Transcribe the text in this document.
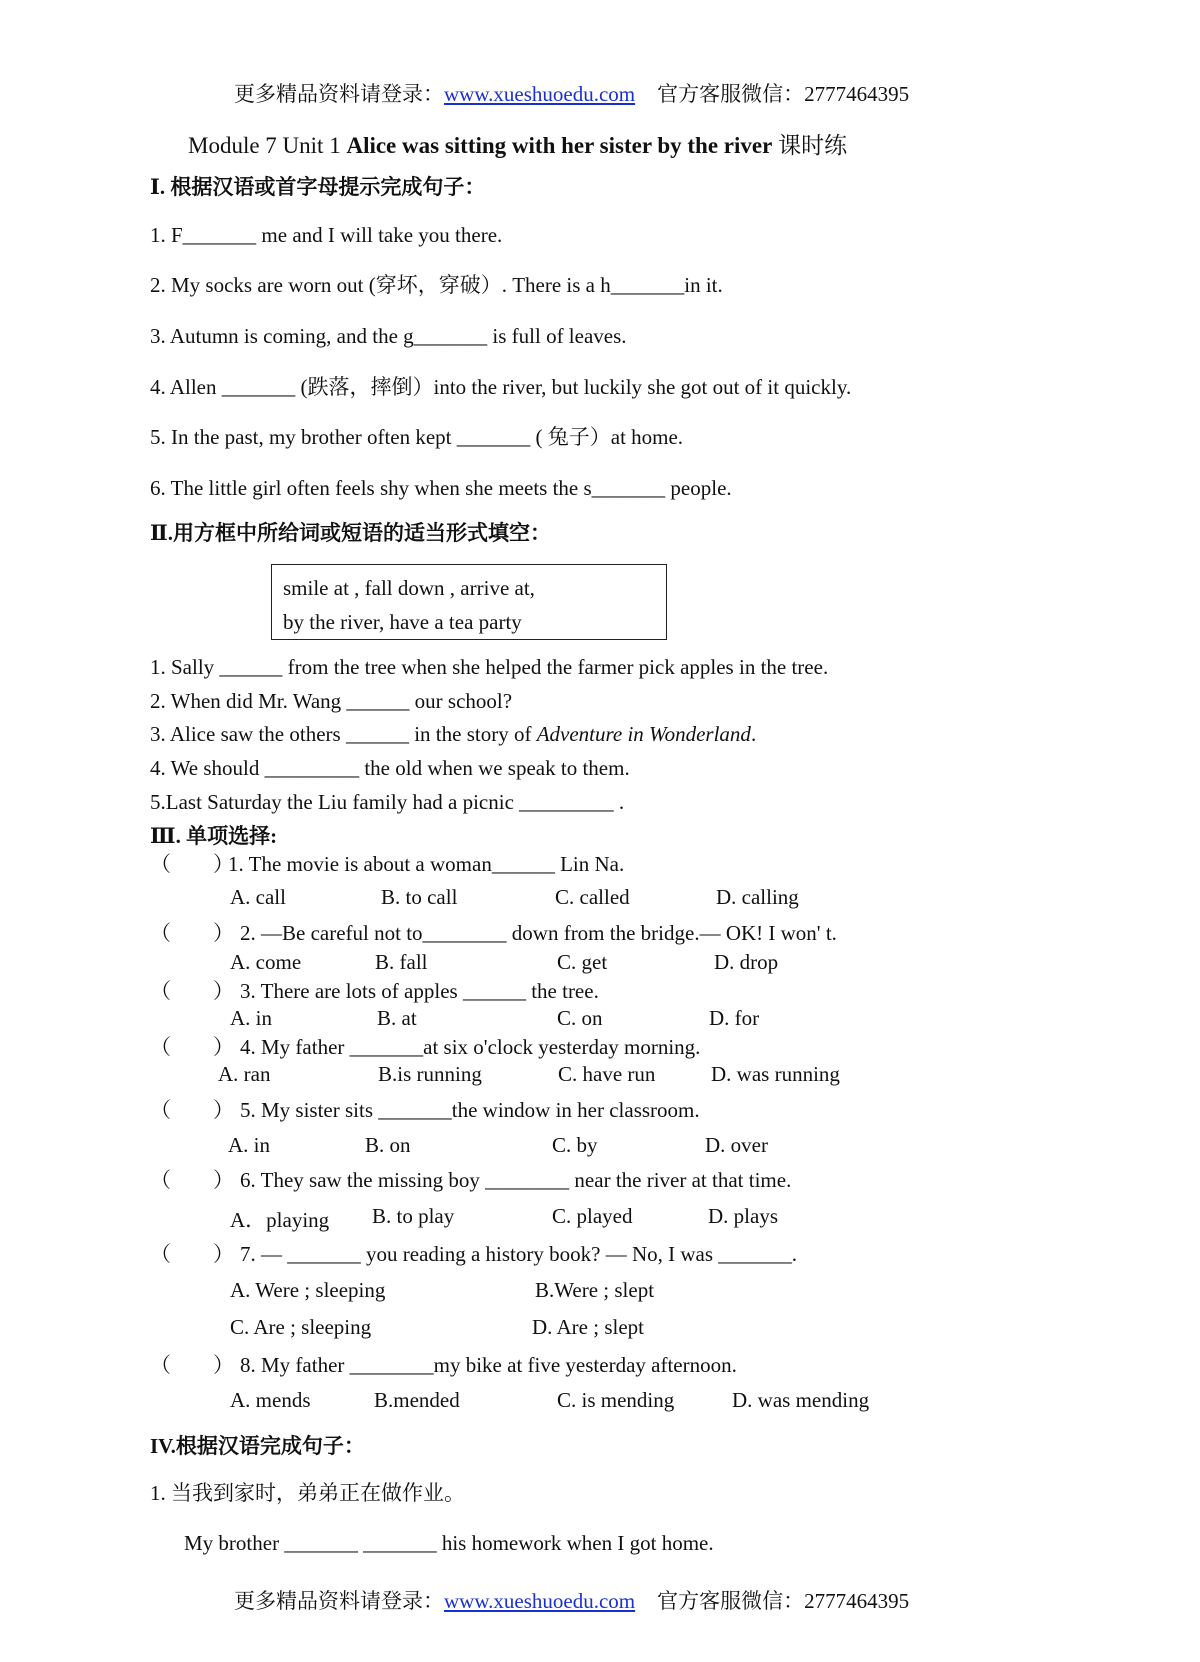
更多精品资料请登录：www.xueshuoedu.com 官方客服微信：2777464395
Module 7 Unit 1 Alice was sitting with her sister by the river 课时练
Ⅰ. 根据汉语或首字母提示完成句子：
1. F_______ me and I will take you there.
2. My socks are worn out (穿坏，穿破）. There is a h_______in it.
3. Autumn is coming, and the g_______ is full of leaves.
4. Allen _______ (跌落，摔倒）into the river, but luckily she got out of it quickly.
5. In the past, my brother often kept _______ ( 兔子）at home.
6. The little girl often feels shy when she meets the s_______ people.
Ⅱ.用方框中所给词或短语的适当形式填空：
smile at , fall down , arrive at,
by the river, have a tea party
1. Sally ______ from the tree when she helped the farmer pick apples in the tree.
2. When did Mr. Wang ______ our school?
3. Alice saw the others ______ in the story of Adventure in Wonderland.
4. We should _________ the old when we speak to them.
5.Last Saturday the Liu family had a picnic _________ .
Ⅲ. 单项选择:
（　　）1. The movie is about a woman______ Lin Na.
A. call	B. to call	C. called	D. calling
（　　） 2. —Be careful not to________ down from the bridge.— OK! I won' t.
A. come	B. fall	C. get	D. drop
（　　） 3. There are lots of apples ______ the tree.
A. in	B. at	C. on	D. for
（　　） 4. My father _______at six o'clock yesterday morning.
A. ran	B.is running	C. have run	D. was running
（　　） 5. My sister sits _______the window in her classroom.
A. in	B. on	C. by	D. over
（　　） 6. They saw the missing boy ________ near the river at that time.
A．playing B. to play	C. played	D. plays
（　　） 7. — _______ you reading a history book? — No, I was _______.
A. Were ; sleeping	B.Were ; slept
C. Are ; sleeping	D. Are ; slept
（　　） 8. My father ________my bike at five yesterday afternoon.
A. mends	B.mended	C. is mending	D. was mending
IV.根据汉语完成句子：
1. 当我到家时，弟弟正在做作业。
My brother _______ _______ his homework when I got home.
更多精品资料请登录：www.xueshuoedu.com 官方客服微信：2777464395
